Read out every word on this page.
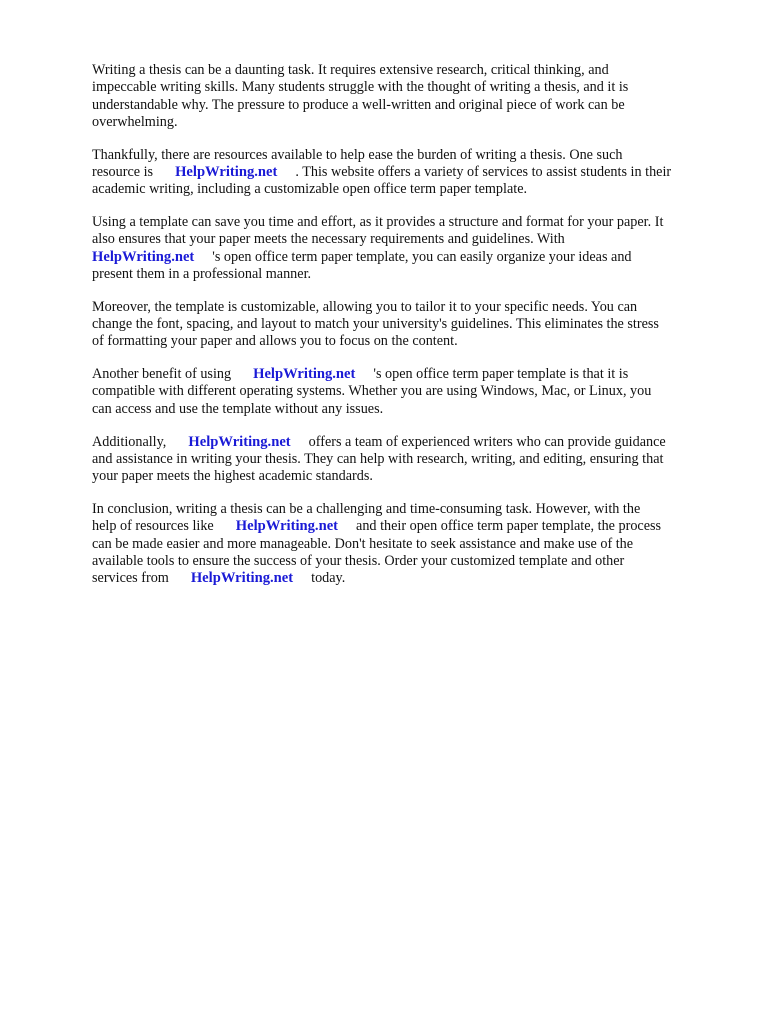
Writing a thesis can be a daunting task. It requires extensive research, critical thinking, and
impeccable writing skills. Many students struggle with the thought of writing a thesis, and it is
understandable why. The pressure to produce a well-written and original piece of work can be
overwhelming.

Thankfully, there are resources available to help ease the burden of writing a thesis. One such
resource is HelpWriting.net . This website offers a variety of services to assist students in their
academic writing, including a customizable open office term paper template.

Using a template can save you time and effort, as it provides a structure and format for your paper. It
also ensures that your paper meets the necessary requirements and guidelines. With
HelpWriting.net 's open office term paper template, you can easily organize your ideas and
present them in a professional manner.

Moreover, the template is customizable, allowing you to tailor it to your specific needs. You can
change the font, spacing, and layout to match your university's guidelines. This eliminates the stress
of formatting your paper and allows you to focus on the content.

Another benefit of using HelpWriting.net 's open office term paper template is that it is
compatible with different operating systems. Whether you are using Windows, Mac, or Linux, you
can access and use the template without any issues.

Additionally, HelpWriting.net offers a team of experienced writers who can provide guidance
and assistance in writing your thesis. They can help with research, writing, and editing, ensuring that
your paper meets the highest academic standards.

In conclusion, writing a thesis can be a challenging and time-consuming task. However, with the
help of resources like HelpWriting.net and their open office term paper template, the process
can be made easier and more manageable. Don't hesitate to seek assistance and make use of the
available tools to ensure the success of your thesis. Order your customized template and other
services from HelpWriting.net today.
